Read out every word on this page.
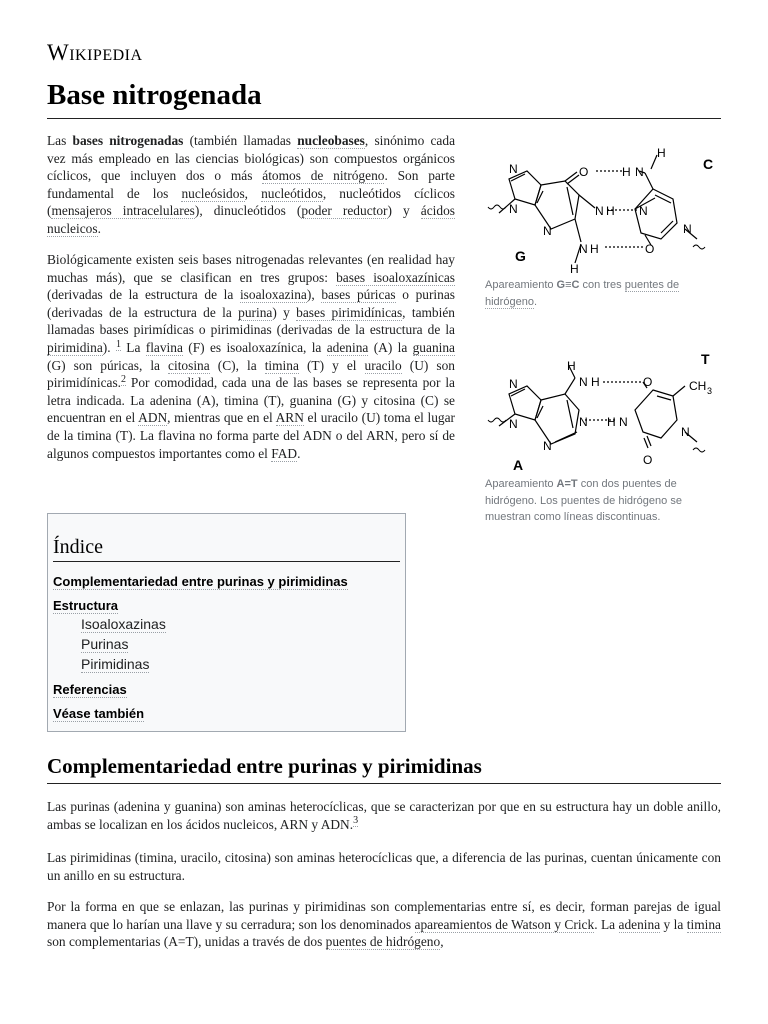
Wikipedia
Base nitrogenada
Las bases nitrogenadas (también llamadas nucleobases, sinónimo cada vez más empleado en las ciencias biológicas) son compuestos orgánicos cíclicos, que incluyen dos o más átomos de nitrógeno. Son parte fundamental de los nucleósidos, nucleótidos, nucleótidos cíclicos (mensajeros intracelulares), dinucleótidos (poder reductor) y ácidos nucleicos.
Biológicamente existen seis bases nitrogenadas relevantes (en realidad hay muchas más), que se clasifican en tres grupos: bases isoaloxazínicas (derivadas de la estructura de la isoaloxazina), bases púricas o purinas (derivadas de la estructura de la purina) y bases pirimidínicas, también llamadas bases pirimídicas o pirimidinas (derivadas de la estructura de la pirimidina). $^1$ La flavina (F) es isoaloxazínica, la adenina (A) la guanina (G) son púricas, la citosina (C), la timina (T) y el uracilo (U) son pirimidínicas.$^2$ Por comodidad, cada una de las bases se representa por la letra indicada. La adenina (A), timina (T), guanina (G) y citosina (C) se encuentran en el ADN, mientras que en el ARN el uracilo (U) toma el lugar de la timina (T). La flavina no forma parte del ADN o del ARN, pero sí de algunos compuestos importantes como el FAD.
N
N
N
O
N H
N H
H
H N
H
N
O
N
G
C
Apareamiento G≡C con tres puentes de hidrógeno.
N
N
N
N
H
N H	O
H N
O
N
CH 3
A
T
Apareamiento A=T con dos puentes de hidrógeno. Los puentes de hidrógeno se muestran como líneas discontinuas.
Índice
Complementariedad entre purinas y pirimidinas
Estructura
Isoaloxazinas
Purinas
Pirimidinas
Referencias
Véase también
Complementariedad entre purinas y pirimidinas
Las purinas (adenina y guanina) son aminas heterocíclicas, que se caracterizan por que en su estructura hay un doble anillo, ambas se localizan en los ácidos nucleicos, ARN y ADN.$^3$
Las pirimidinas (timina, uracilo, citosina) son aminas heterocíclicas que, a diferencia de las purinas, cuentan únicamente con un anillo en su estructura.
Por la forma en que se enlazan, las purinas y pirimidinas son complementarias entre sí, es decir, forman parejas de igual manera que lo harían una llave y su cerradura; son los denominados apareamientos de Watson y Crick. La adenina y la timina son complementarias (A=T), unidas a través de dos puentes de hidrógeno,
